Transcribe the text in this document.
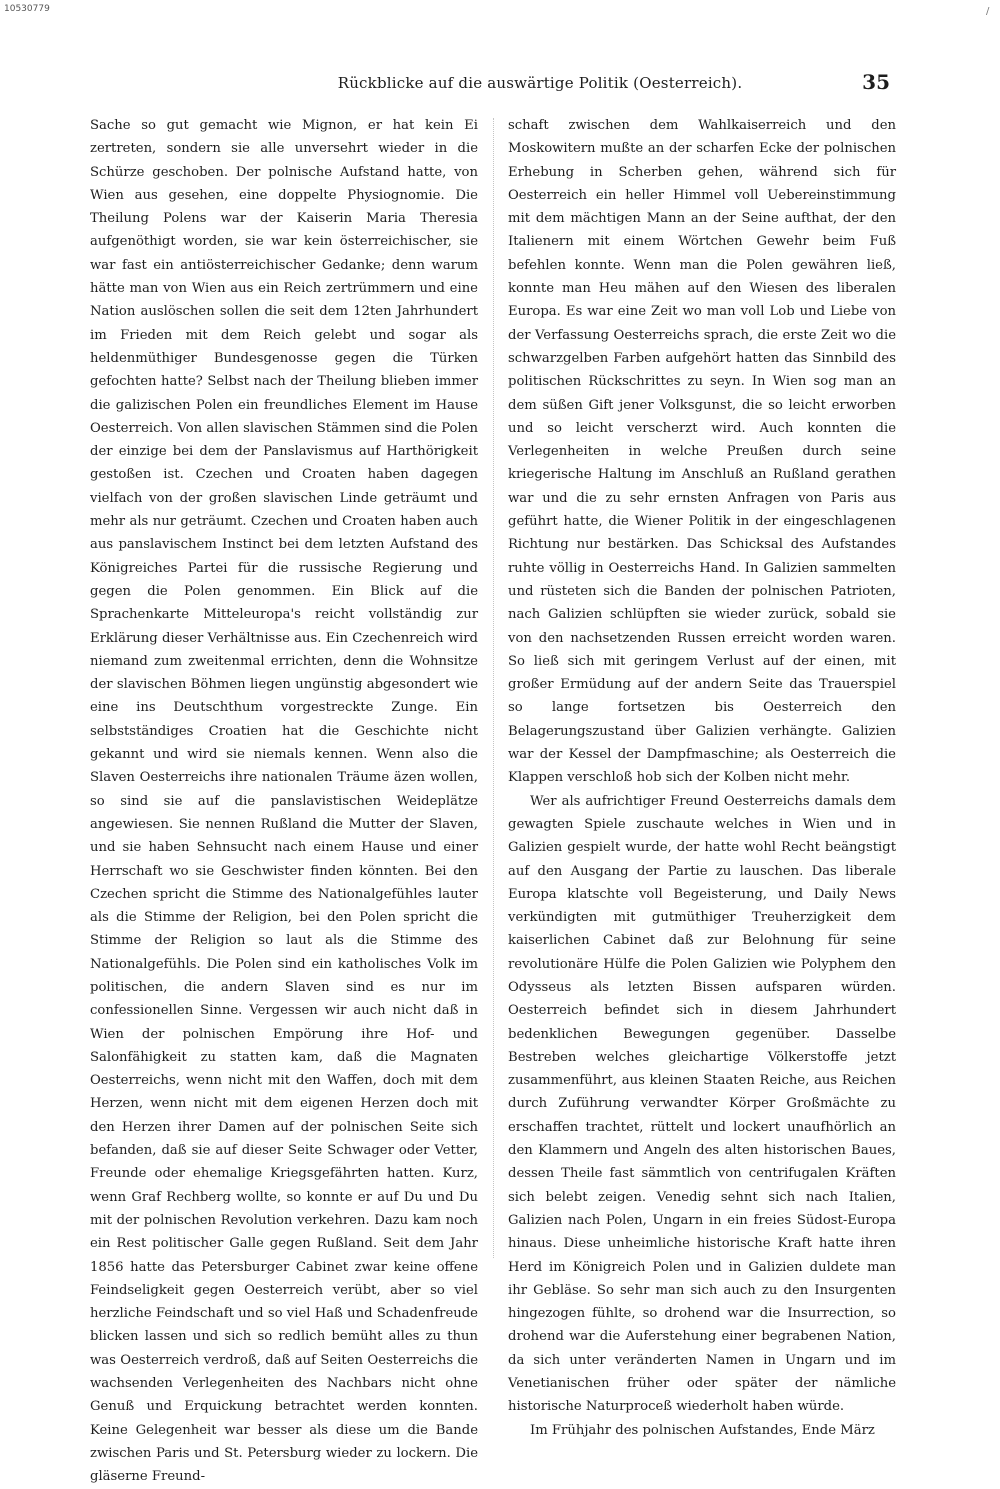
10530779	/
Rückblicke auf die auswärtige Politik (Oesterreich).	35

Sache so gut gemacht wie Mignon, er hat kein Ei zertreten, sondern sie alle unversehrt wieder in die Schürze geschoben. Der polnische Aufstand hatte, von Wien aus gesehen, eine doppelte Physiognomie. Die Theilung Polens war der Kaiserin Maria Theresia aufgenöthigt worden, sie war kein österreichischer, sie war fast ein antiösterreichischer Gedanke; denn warum hätte man von Wien aus ein Reich zertrümmern und eine Nation auslöschen sollen die seit dem 12ten Jahrhundert im Frieden mit dem Reich gelebt und sogar als heldenmüthiger Bundesgenosse gegen die Türken gefochten hatte? Selbst nach der Theilung blieben immer die galizischen Polen ein freundliches Element im Hause Oesterreich. Von allen slavischen Stämmen sind die Polen der einzige bei dem der Panslavismus auf Harthörigkeit gestoßen ist. Czechen und Croaten haben dagegen vielfach von der großen slavischen Linde geträumt und mehr als nur geträumt. Czechen und Croaten haben auch aus panslavischem Instinct bei dem letzten Aufstand des Königreiches Partei für die russische Regierung und gegen die Polen genommen. Ein Blick auf die Sprachenkarte Mitteleuropa's reicht vollständig zur Erklärung dieser Verhältnisse aus. Ein Czechenreich wird niemand zum zweitenmal errichten, denn die Wohnsitze der slavischen Böhmen liegen ungünstig abgesondert wie eine ins Deutschthum vorgestreckte Zunge. Ein selbstständiges Croatien hat die Geschichte nicht gekannt und wird sie niemals kennen. Wenn also die Slaven Oesterreichs ihre nationalen Träume äzen wollen, so sind sie auf die panslavistischen Weideplätze angewiesen. Sie nennen Rußland die Mutter der Slaven, und sie haben Sehnsucht nach einem Hause und einer Herrschaft wo sie Geschwister finden könnten. Bei den Czechen spricht die Stimme des Nationalgefühles lauter als die Stimme der Religion, bei den Polen spricht die Stimme der Religion so laut als die Stimme des Nationalgefühls. Die Polen sind ein katholisches Volk im politischen, die andern Slaven sind es nur im confessionellen Sinne. Vergessen wir auch nicht daß in Wien der polnischen Empörung ihre Hof- und Salonfähigkeit zu statten kam, daß die Magnaten Oesterreichs, wenn nicht mit den Waffen, doch mit dem Herzen, wenn nicht mit dem eigenen Herzen doch mit den Herzen ihrer Damen auf der polnischen Seite sich befanden, daß sie auf dieser Seite Schwager oder Vetter, Freunde oder ehemalige Kriegsgefährten hatten. Kurz, wenn Graf Rechberg wollte, so konnte er auf Du und Du mit der polnischen Revolution verkehren. Dazu kam noch ein Rest politischer Galle gegen Rußland. Seit dem Jahr 1856 hatte das Petersburger Cabinet zwar keine offene Feindseligkeit gegen Oesterreich verübt, aber so viel herzliche Feindschaft und so viel Haß und Schadenfreude blicken lassen und sich so redlich bemüht alles zu thun was Oesterreich verdroß, daß auf Seiten Oesterreichs die wachsenden Verlegenheiten des Nachbars nicht ohne Genuß und Erquickung betrachtet werden konnten. Keine Gelegenheit war besser als diese um die Bande zwischen Paris und St. Petersburg wieder zu lockern. Die gläserne Freund-

schaft zwischen dem Wahlkaiserreich und den Moskowitern mußte an der scharfen Ecke der polnischen Erhebung in Scherben gehen, während sich für Oesterreich ein heller Himmel voll Uebereinstimmung mit dem mächtigen Mann an der Seine aufthat, der den Italienern mit einem Wörtchen Gewehr beim Fuß befehlen konnte. Wenn man die Polen gewähren ließ, konnte man Heu mähen auf den Wiesen des liberalen Europa. Es war eine Zeit wo man voll Lob und Liebe von der Verfassung Oesterreichs sprach, die erste Zeit wo die schwarzgelben Farben aufgehört hatten das Sinnbild des politischen Rückschrittes zu seyn. In Wien sog man an dem süßen Gift jener Volksgunst, die so leicht erworben und so leicht verscherzt wird. Auch konnten die Verlegenheiten in welche Preußen durch seine kriegerische Haltung im Anschluß an Rußland gerathen war und die zu sehr ernsten Anfragen von Paris aus geführt hatte, die Wiener Politik in der eingeschlagenen Richtung nur bestärken. Das Schicksal des Aufstandes ruhte völlig in Oesterreichs Hand. In Galizien sammelten und rüsteten sich die Banden der polnischen Patrioten, nach Galizien schlüpften sie wieder zurück, sobald sie von den nachsetzenden Russen erreicht worden waren. So ließ sich mit geringem Verlust auf der einen, mit großer Ermüdung auf der andern Seite das Trauerspiel so lange fortsetzen bis Oesterreich den Belagerungszustand über Galizien verhängte. Galizien war der Kessel der Dampfmaschine; als Oesterreich die Klappen verschloß hob sich der Kolben nicht mehr.

Wer als aufrichtiger Freund Oesterreichs damals dem gewagten Spiele zuschaute welches in Wien und in Galizien gespielt wurde, der hatte wohl Recht beängstigt auf den Ausgang der Partie zu lauschen. Das liberale Europa klatschte voll Begeisterung, und Daily News verkündigten mit gutmüthiger Treuherzigkeit dem kaiserlichen Cabinet daß zur Belohnung für seine revolutionäre Hülfe die Polen Galizien wie Polyphem den Odysseus als letzten Bissen aufsparen würden. Oesterreich befindet sich in diesem Jahrhundert bedenklichen Bewegungen gegenüber. Dasselbe Bestreben welches gleichartige Völkerstoffe jetzt zusammenführt, aus kleinen Staaten Reiche, aus Reichen durch Zuführung verwandter Körper Großmächte zu erschaffen trachtet, rüttelt und lockert unaufhörlich an den Klammern und Angeln des alten historischen Baues, dessen Theile fast sämmtlich von centrifugalen Kräften sich belebt zeigen. Venedig sehnt sich nach Italien, Galizien nach Polen, Ungarn in ein freies Südost-Europa hinaus. Diese unheimliche historische Kraft hatte ihren Herd im Königreich Polen und in Galizien duldete man ihr Gebläse. So sehr man sich auch zu den Insurgenten hingezogen fühlte, so drohend war die Insurrection, so drohend war die Auferstehung einer begrabenen Nation, da sich unter veränderten Namen in Ungarn und im Venetianischen früher oder später der nämliche historische Naturproceß wiederholt haben würde.

Im Frühjahr des polnischen Aufstandes, Ende März
